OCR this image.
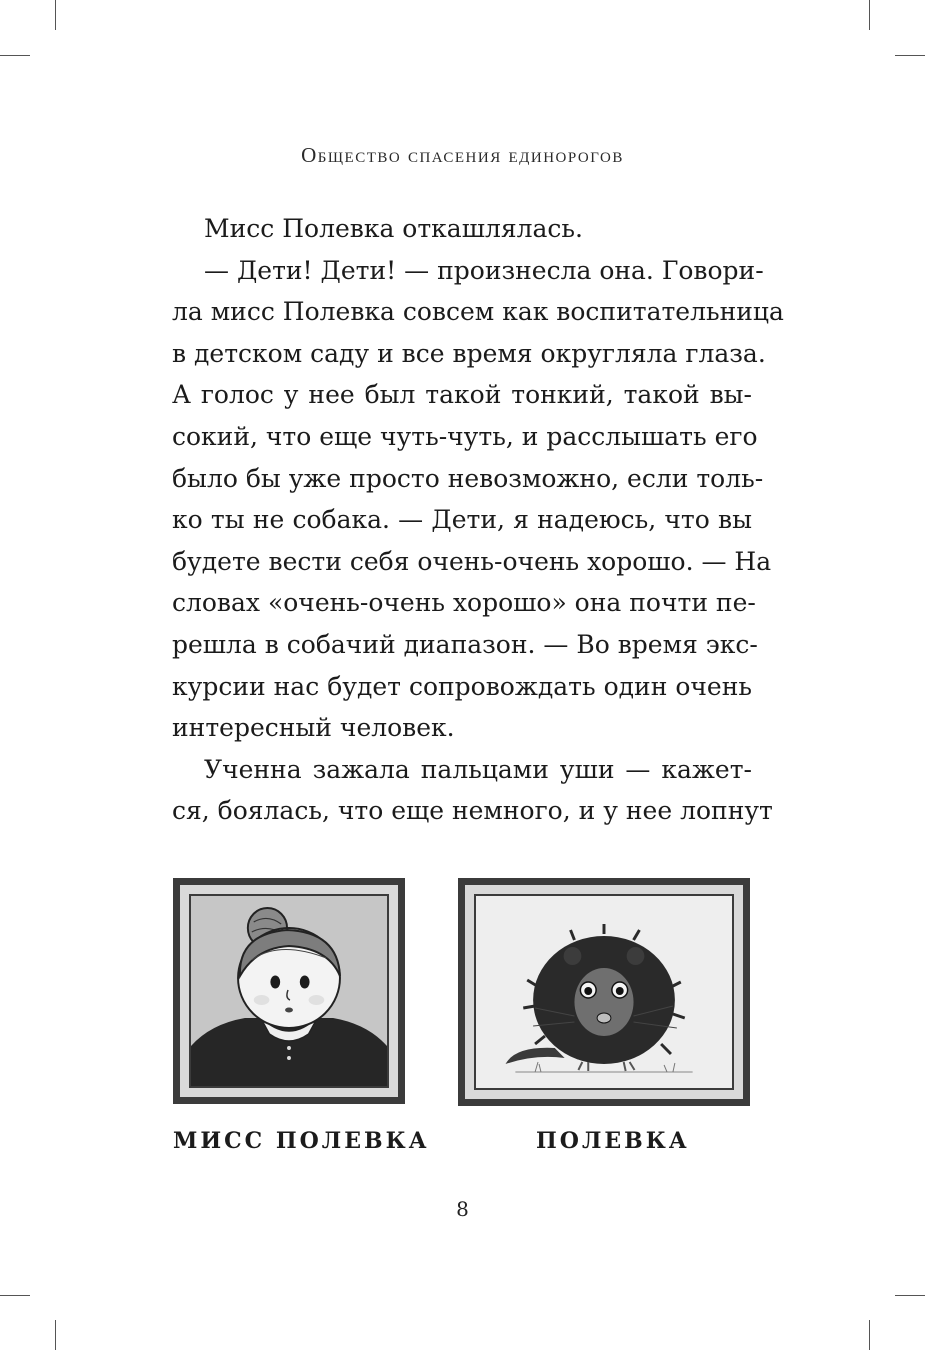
Общество спасения единорогов
Мисс Полевка откашлялась.
— Дети! Дети! — произнесла она. Говори-
ла мисс Полевка совсем как воспитательница
в детском саду и все время округляла глаза.
А голос у нее был такой тонкий, такой вы-
сокий, что еще чуть-чуть, и расслышать его
было бы уже просто невозможно, если толь-
ко ты не собака. — Дети, я надеюсь, что вы
будете вести себя очень-очень хорошо. — На
словах «очень-очень хорошо» она почти пе-
решла в собачий диапазон. — Во время экс-
курсии нас будет сопровождать один очень
интересный человек.
Ученна зажала пальцами уши — кажет-
ся, боялась, что еще немного, и у нее лопнут
МИСС ПОЛЕВКА	ПОЛЕВКА
8
